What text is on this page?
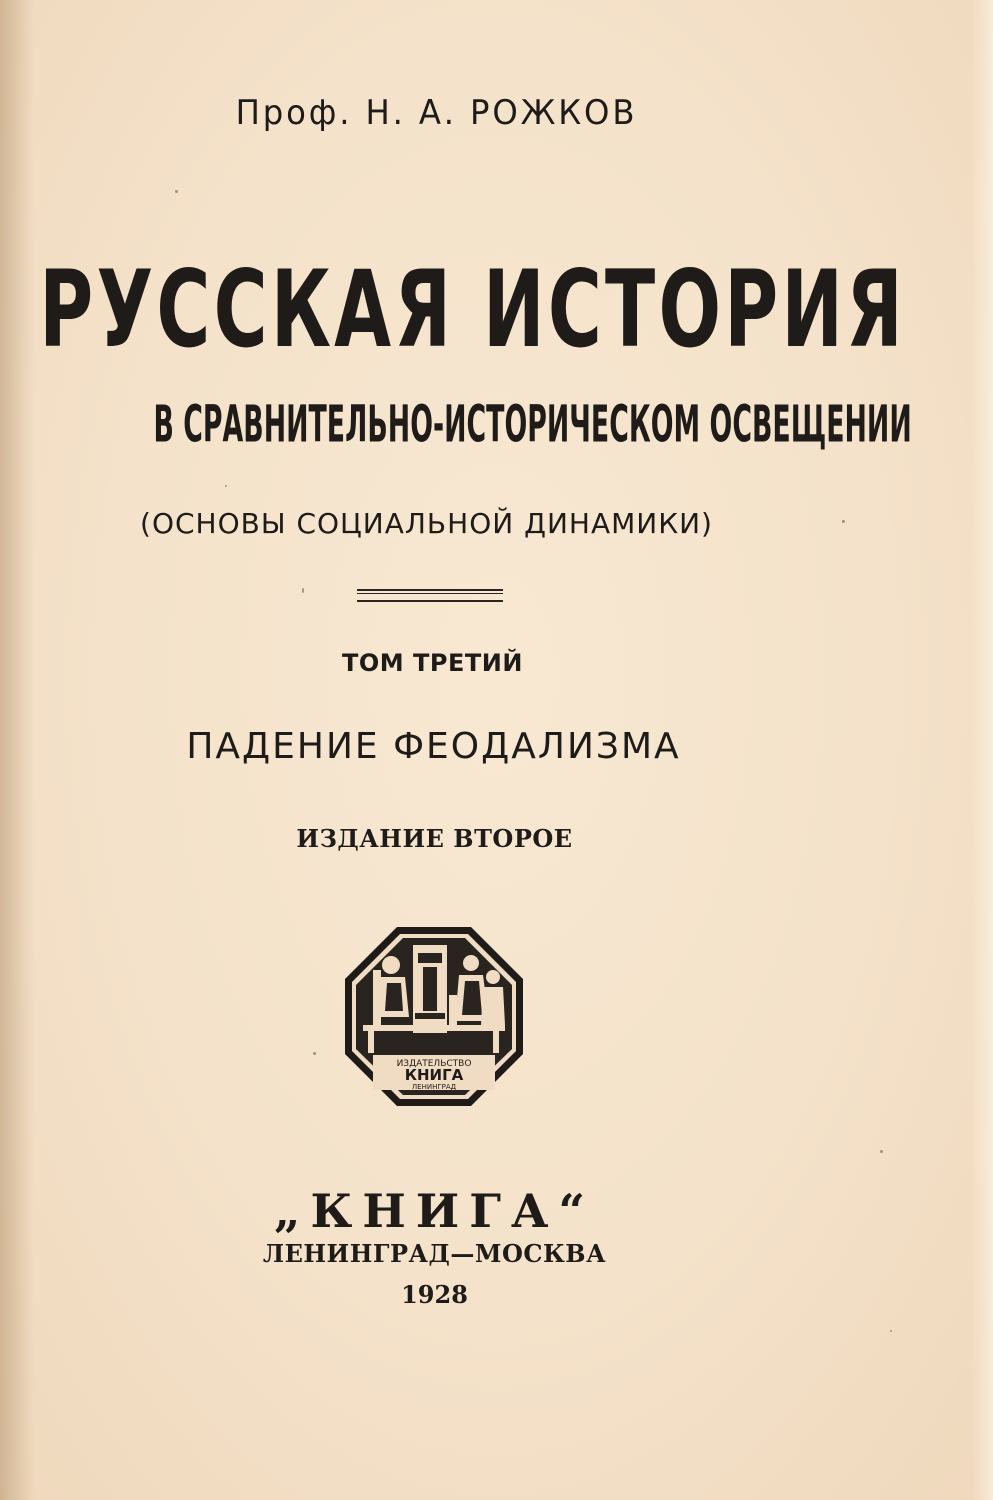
Проф. Н. А. РОЖКОВ
РУССКАЯ ИСТОРИЯ
В СРАВНИТЕЛЬНО-ИСТОРИЧЕСКОМ ОСВЕЩЕНИИ
(ОСНОВЫ СОЦИАЛЬНОЙ ДИНАМИКИ)
ТОМ ТРЕТИЙ
ПАДЕНИЕ ФЕОДАЛИЗМА
ИЗДАНИЕ ВТОРОЕ
ИЗДАТЕЛЬСТВО
КНИГА
ЛЕНИНГРАД
„КНИГА“
ЛЕНИНГРАД—МОСКВА
1928
